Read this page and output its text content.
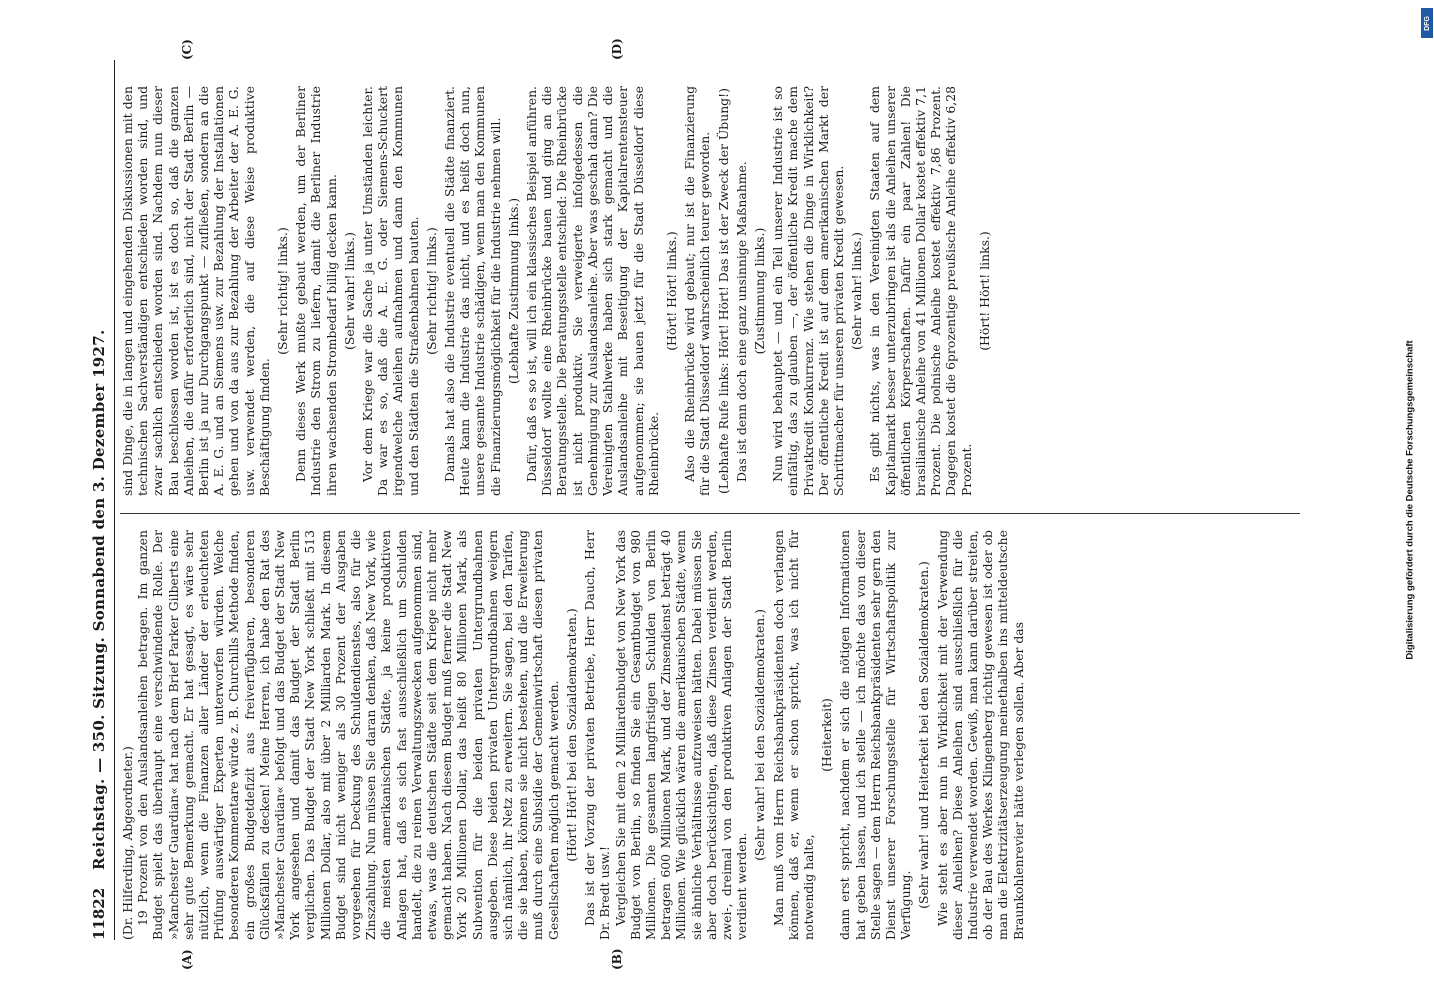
11822
Reichstag. — 350. Sitzung. Sonnabend den 3. Dezember 1927.
(A)	(B)
(C)	(D)

(Dr. Hilferding, Abgeordneter.) 19 Prozent von den Auslandsanleihen betragen. Im ganzen Budget spielt das überhaupt eine verschwindende Rolle. Der »Manchester Guardian« hat nach dem Brief Parker Gilberts eine sehr gute Bemerkung gemacht. Er hat gesagt, es wäre sehr nützlich, wenn die Finanzen aller Länder der erleuchteten Prüfung auswärtiger Experten unterworfen würden. Welche besonderen Kommentare würde z. B. Churchills Methode finden, ein großes Budgetdefizit aus freiverfügbaren, besonderen Glücksfällen zu decken! Meine Herren, ich habe den Rat des »Manchester Guardian« befolgt und das Budget der Stadt New York angesehen und damit das Budget der Stadt Berlin verglichen. Das Budget der Stadt New York schließt mit 513 Millionen Dollar, also mit über 2 Milliarden Mark. In diesem Budget sind nicht weniger als 30 Prozent der Ausgaben vorgesehen für Deckung des Schuldendienstes, also für die Zinszahlung. Nun müssen Sie daran denken, daß New York, wie die meisten amerikanischen Städte, ja keine produktiven Anlagen hat, daß es sich fast ausschließlich um Schulden handelt, die zu reinen Verwaltungszwecken aufgenommen sind, etwas, was die deutschen Städte seit dem Kriege nicht mehr gemacht haben. Nach diesem Budget muß ferner die Stadt New York 20 Millionen Dollar, das heißt 80 Millionen Mark, als Subvention für die beiden privaten Untergrundbahnen ausgeben. Diese beiden privaten Untergrundbahnen weigern sich nämlich, ihr Netz zu erweitern. Sie sagen, bei den Tarifen, die sie haben, können sie nicht bestehen, und die Erweiterung muß durch eine Subsidie der Gemeinwirtschaft diesen privaten Gesellschaften möglich gemacht werden. (Hört! Hört! bei den Sozialdemokraten.) Das ist der Vorzug der privaten Betriebe, Herr Dauch, Herr Dr. Bredt usw.! Vergleichen Sie mit dem 2 Milliardenbudget von New York das Budget von Berlin, so finden Sie ein Gesamtbudget von 980 Millionen. Die gesamten langfristigen Schulden von Berlin betragen 600 Millionen Mark, und der Zinsendienst beträgt 40 Millionen. Wie glücklich wären die amerikanischen Städte, wenn sie ähnliche Verhältnisse aufzuweisen hätten. Dabei müssen Sie aber doch berücksichtigen, daß diese Zinsen verdient werden, zwei-, dreimal von den produktiven Anlagen der Stadt Berlin verdient werden.

(Sehr wahr! bei den Sozialdemokraten.) Man muß vom Herrn Reichsbankpräsidenten doch verlangen können, daß er, wenn er schon spricht, was ich nicht für notwendig halte,

(Heiterkeit) dann erst spricht, nachdem er sich die nötigen Informationen hat geben lassen, und ich stelle — ich möchte das von dieser Stelle sagen — dem Herrn Reichsbankpräsidenten sehr gern den Dienst unserer Forschungsstelle für Wirtschaftspolitik zur Verfügung. (Sehr wahr! und Heiterkeit bei den Sozialdemokraten.) Wie steht es aber nun in Wirklichkeit mit der Verwendung dieser Anleihen? Diese Anleihen sind ausschließlich für die Industrie verwendet worden. Gewiß, man kann darüber streiten, ob der Bau des Werkes Klingenberg richtig gewesen ist oder ob man die Elektrizitätserzeugung meinethalben ins mitteldeutsche Braunkohlenrevier hätte verlegen sollen. Aber das

sind Dinge, die in langen und eingehenden Diskussionen mit den technischen Sachverständigen entschieden worden sind, und zwar sachlich entschieden worden sind. Nachdem nun dieser Bau beschlossen worden ist, ist es doch so, daß die ganzen Anleihen, die dafür erforderlich sind, nicht der Stadt Berlin — Berlin ist ja nur Durchgangspunkt — zufließen, sondern an die A. E. G. und an Siemens usw. zur Bezahlung der Installationen gehen und von da aus zur Bezahlung der Arbeiter der A. E. G. usw. verwendet werden, die auf diese Weise produktive Beschäftigung finden.

(Sehr richtig! links.) Denn dieses Werk mußte gebaut werden, um der Berliner Industrie den Strom zu liefern, damit die Berliner Industrie ihren wachsenden Strombedarf billig decken kann. (Sehr wahr! links.) Vor dem Kriege war die Sache ja unter Umständen leichter. Da war es so, daß die A. E. G. oder Siemens-Schuckert irgendwelche Anleihen aufnahmen und dann den Kommunen und den Städten die Straßenbahnen bauten. (Sehr richtig! links.) Damals hat also die Industrie eventuell die Städte finanziert. Heute kann die Industrie das nicht, und es heißt doch nun, unsere gesamte Industrie schädigen, wenn man den Kommunen die Finanzierungsmöglichkeit für die Industrie nehmen will. (Lebhafte Zustimmung links.) Dafür, daß es so ist, will ich ein klassisches Beispiel anführen. Düsseldorf wollte eine Rheinbrücke bauen und ging an die Beratungsstelle. Die Beratungsstelle entschied: Die Rheinbrücke ist nicht produktiv. Sie verweigerte infolgedessen die Genehmigung zur Auslandsanleihe. Aber was geschah dann? Die Vereinigten Stahlwerke haben sich stark gemacht und die Auslandsanleihe mit Beseitigung der Kapitalrentensteuer aufgenommen; sie bauen jetzt für die Stadt Düsseldorf diese Rheinbrücke.

(Hört! Hört! links.) Also die Rheinbrücke wird gebaut; nur ist die Finanzierung für die Stadt Düsseldorf wahrscheinlich teurer geworden. (Lebhafte Rufe links: Hört! Hört! Das ist der Zweck der Übung!) Das ist denn doch eine ganz unsinnige Maßnahme. (Zustimmung links.) Nun wird behauptet — und ein Teil unserer Industrie ist so einfältig, das zu glauben —, der öffentliche Kredit mache dem Privatkredit Konkurrenz. Wie stehen die Dinge in Wirklichkeit? Der öffentliche Kredit ist auf dem amerikanischen Markt der Schrittmacher für unseren privaten Kredit gewesen. (Sehr wahr! links.) Es gibt nichts, was in den Vereinigten Staaten auf dem Kapitalmarkt besser unterzubringen ist als die Anleihen unserer öffentlichen Körperschaften. Dafür ein paar Zahlen! Die brasilianische Anleihe von 41 Millionen Dollar kostet effektiv 7,1 Prozent. Die polnische Anleihe kostet effektiv 7,86 Prozent. Dagegen kostet die 6prozentige preußische Anleihe effektiv 6,28 Prozent.

(Hört! Hört! links.)

Digitalisierung gefördert durch die Deutsche Forschungsgemeinschaft
DFG
